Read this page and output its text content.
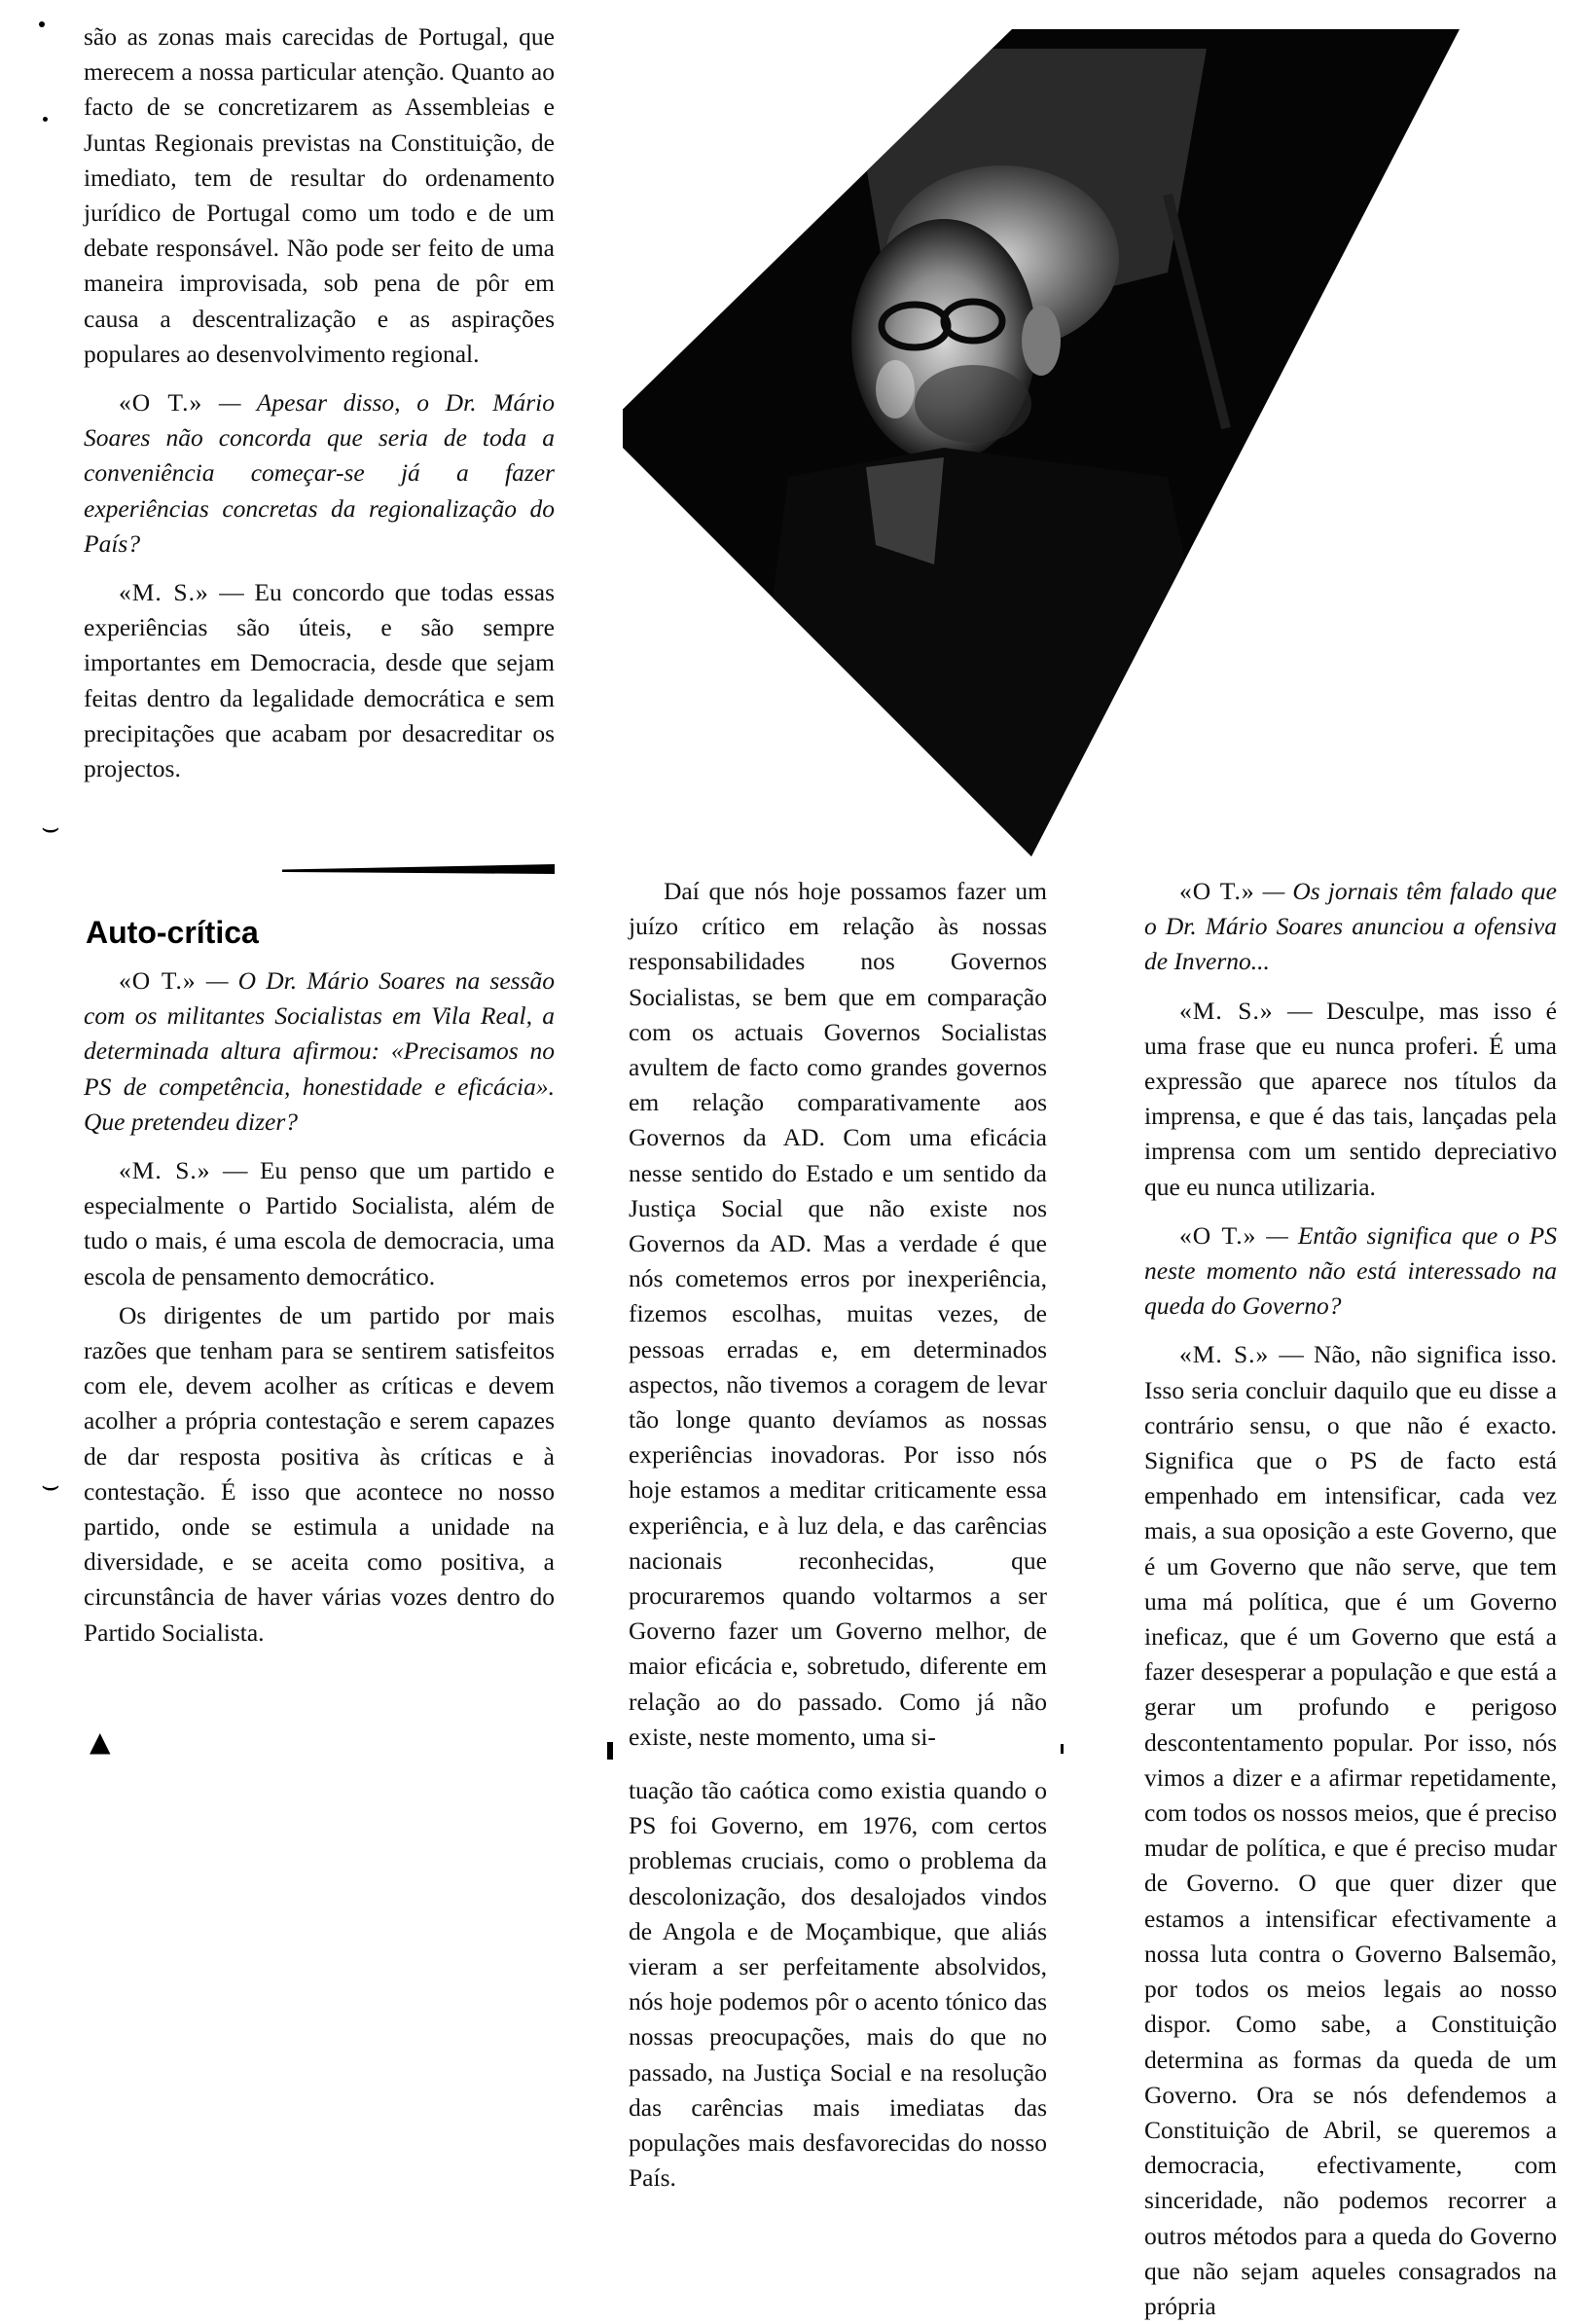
⌣
⌣
▲

são as zonas mais carecidas de Portugal, que merecem a nossa particular atenção. Quanto ao facto de se concretizarem as Assembleias e Juntas Regionais previstas na Constituição, de imediato, tem de resultar do ordenamento jurídico de Portugal como um todo e de um debate responsável. Não pode ser feito de uma maneira improvisada, sob pena de pôr em causa a descentralização e as aspirações populares ao desenvolvimento regional.

«O T.» — Apesar disso, o Dr. Mário Soares não concorda que seria de toda a conveniência começar-se já a fazer experiências concretas da regionalização do País?

«M. S.» — Eu concordo que todas essas experiências são úteis, e são sempre importantes em Democracia, desde que sejam feitas dentro da legalidade democrática e sem precipitações que acabam por desacreditar os projectos.

Auto-crítica

«O T.» — O Dr. Mário Soares na sessão com os militantes Socialistas em Vila Real, a determinada altura afirmou: «Precisamos no PS de competência, honestidade e eficácia». Que pretendeu dizer?

«M. S.» — Eu penso que um partido e especialmente o Partido Socialista, além de tudo o mais, é uma escola de democracia, uma escola de pensamento democrático.

Os dirigentes de um partido por mais razões que tenham para se sentirem satisfeitos com ele, devem acolher as críticas e devem acolher a própria contestação e serem capazes de dar resposta positiva às críticas e à contestação. É isso que acontece no nosso partido, onde se estimula a unidade na diversidade, e se aceita como positiva, a circunstância de haver várias vozes dentro do Partido Socialista.

Daí que nós hoje possamos fazer um juízo crítico em relação às nossas responsabilidades nos Governos Socialistas, se bem que em comparação com os actuais Governos Socialistas avultem de facto como grandes governos em relação comparativamente aos Governos da AD. Com uma eficácia nesse sentido do Estado e um sentido da Justiça Social que não existe nos Governos da AD. Mas a verdade é que nós cometemos erros por inexperiência, fizemos escolhas, muitas vezes, de pessoas erradas e, em determinados aspectos, não tivemos a coragem de levar tão longe quanto devíamos as nossas experiências inovadoras. Por isso nós hoje estamos a meditar criticamente essa experiência, e à luz dela, e das carências nacionais reconhecidas, que procuraremos quando voltarmos a ser Governo fazer um Governo melhor, de maior eficácia e, sobretudo, diferente em relação ao do passado. Como já não existe, neste momento, uma si-

tuação tão caótica como existia quando o PS foi Governo, em 1976, com certos problemas cruciais, como o problema da descolonização, dos desalojados vindos de Angola e de Moçambique, que aliás vieram a ser perfeitamente absolvidos, nós hoje podemos pôr o acento tónico das nossas preocupações, mais do que no passado, na Justiça Social e na resolução das carências mais imediatas das populações mais desfavorecidas do nosso País.

«O T.» — Os jornais têm falado que o Dr. Mário Soares anunciou a ofensiva de Inverno...

«M. S.» — Desculpe, mas isso é uma frase que eu nunca proferi. É uma expressão que aparece nos títulos da imprensa, e que é das tais, lançadas pela imprensa com um sentido depreciativo que eu nunca utilizaria.

«O T.» — Então significa que o PS neste momento não está interessado na queda do Governo?

«M. S.» — Não, não significa isso. Isso seria concluir daquilo que eu disse a contrário sensu, o que não é exacto. Significa que o PS de facto está empenhado em intensificar, cada vez mais, a sua oposição a este Governo, que é um Governo que não serve, que tem uma má política, que é um Governo ineficaz, que é um Governo que está a fazer desesperar a população e que está a gerar um profundo e perigoso descontentamento popular. Por isso, nós vimos a dizer e a afirmar repetidamente, com todos os nossos meios, que é preciso mudar de política, e que é preciso mudar de Governo. O que quer dizer que estamos a intensificar efectivamente a nossa luta contra o Governo Balsemão, por todos os meios legais ao nosso dispor. Como sabe, a Constituição determina as formas da queda de um Governo. Ora se nós defendemos a Constituição de Abril, se queremos a democracia, efectivamente, com sinceridade, não podemos recorrer a outros métodos para a queda do Governo que não sejam aqueles consagrados na própria
